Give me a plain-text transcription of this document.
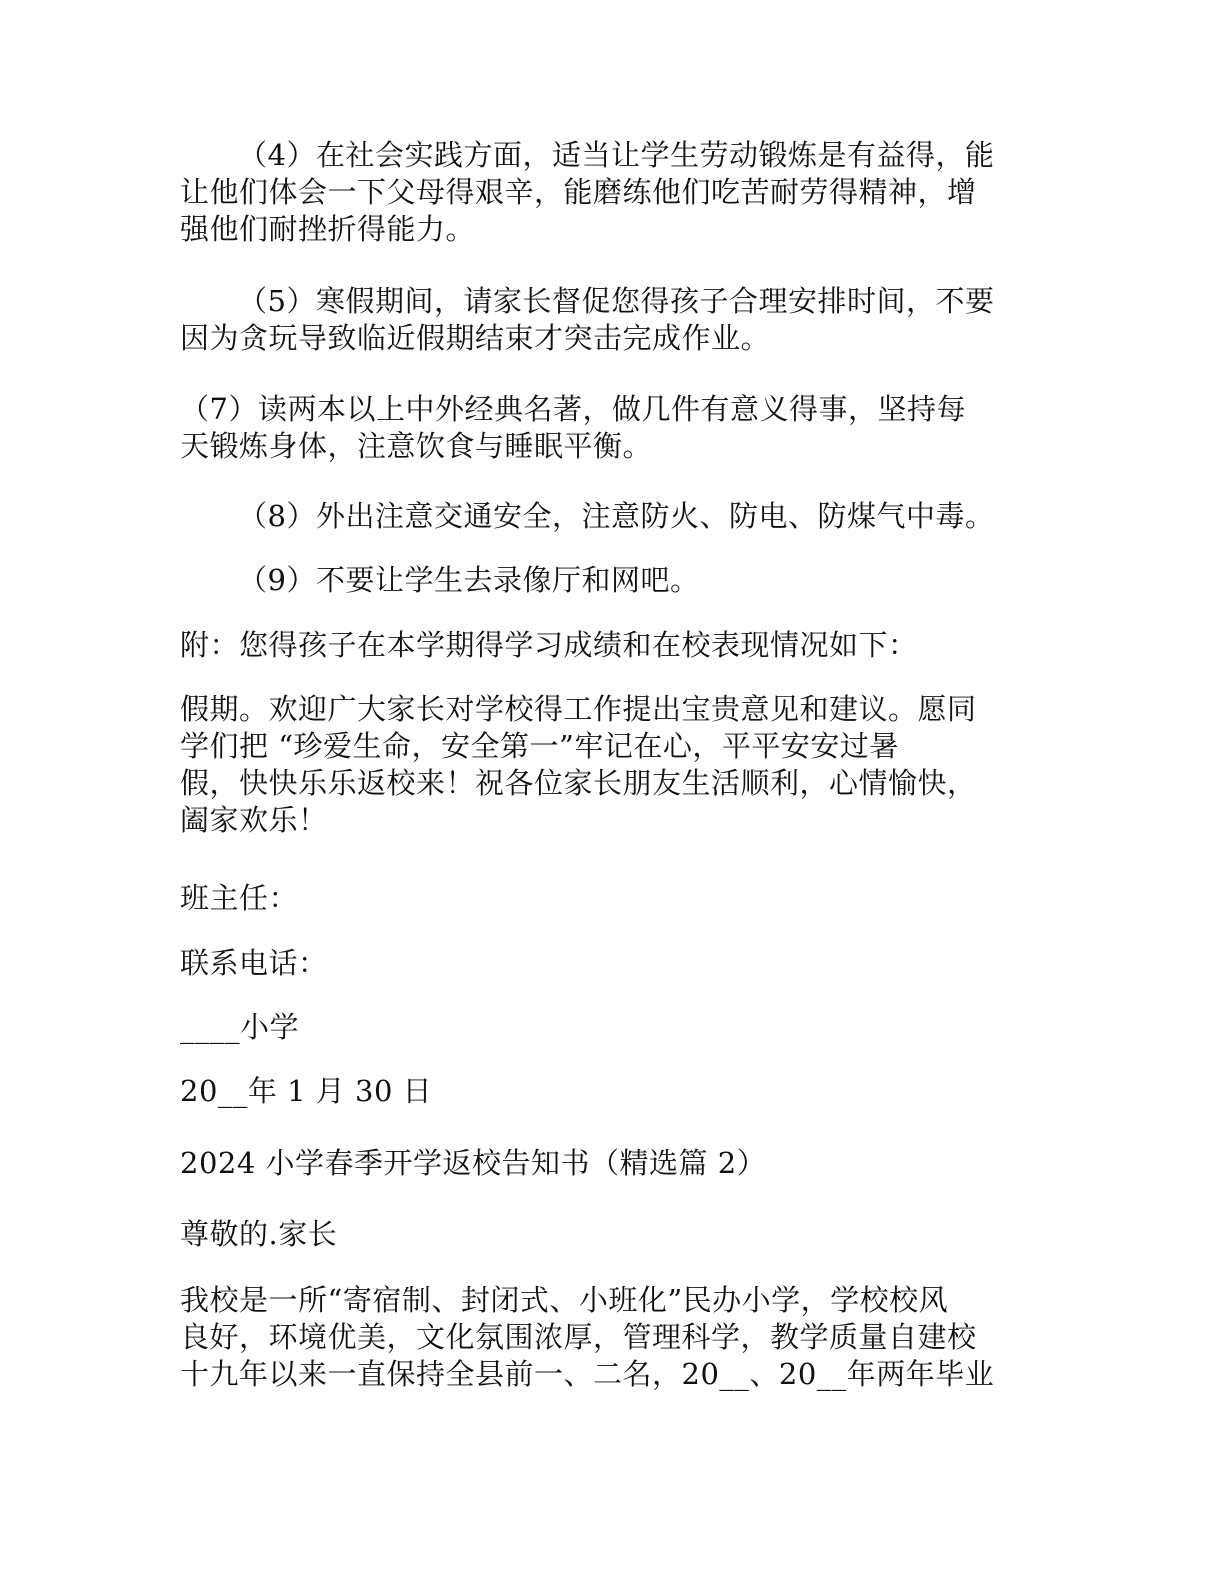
（4）在社会实践方面，适当让学生劳动锻炼是有益得，能
让他们体会一下父母得艰辛，能磨练他们吃苦耐劳得精神，增
强他们耐挫折得能力。

（5）寒假期间，请家长督促您得孩子合理安排时间，不要
因为贪玩导致临近假期结束才突击完成作业。

（7）读两本以上中外经典名著，做几件有意义得事，坚持每
天锻炼身体，注意饮食与睡眠平衡。

（8）外出注意交通安全，注意防火、防电、防煤气中毒。

（9）不要让学生去录像厅和网吧。

附：您得孩子在本学期得学习成绩和在校表现情况如下：

假期。欢迎广大家长对学校得工作提出宝贵意见和建议。愿同
学们把 “珍爱生命，安全第一”牢记在心，平平安安过暑
假，快快乐乐返校来！祝各位家长朋友生活顺利，心情愉快，
阖家欢乐！

班主任：

联系电话：

____小学

20__年 1 月 30 日

2024 小学春季开学返校告知书（精选篇 2）

尊敬的.家长

我校是一所“寄宿制、封闭式、小班化”民办小学，学校校风
良好，环境优美，文化氛围浓厚，管理科学，教学质量自建校
十九年以来一直保持全县前一、二名，20__、20__年两年毕业
